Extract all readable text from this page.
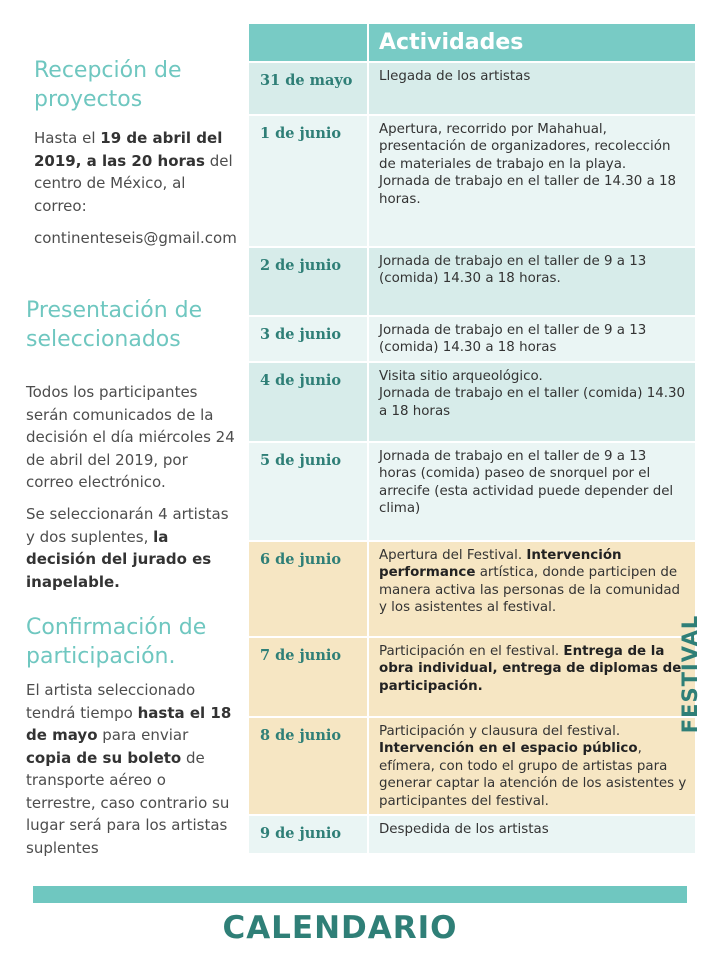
Recepción de proyectos
Hasta el 19 de abril del 2019, a las 20 horas del centro de México, al correo:
continenteseis@gmail.com
Presentación de seleccionados
Todos los participantes serán comunicados de la decisión el día miércoles 24 de abril del 2019, por correo electrónico.
Se seleccionarán 4 artistas y dos suplentes, la decisión del jurado es inapelable.
Confirmación de participación.
El artista seleccionado tendrá tiempo hasta el 18 de mayo para enviar copia de su boleto de transporte aéreo o terrestre, caso contrario su lugar será para los artistas suplentes
Actividades
31 de mayo	Llegada de los artistas
1 de junio	Apertura, recorrido por Mahahual, presentación de organizadores, recolección de materiales de trabajo en la playa.
Jornada de trabajo en el taller de 14.30 a 18 horas.
2 de junio	Jornada de trabajo en el taller de 9 a 13 (comida) 14.30 a 18 horas.
3 de junio	Jornada de trabajo en el taller de 9 a 13 (comida) 14.30 a 18 horas
4 de junio	Visita sitio arqueológico.
Jornada de trabajo en el taller (comida) 14.30 a 18 horas
5 de junio	Jornada de trabajo en el taller de 9 a 13 horas (comida) paseo de snorquel por el arrecife (esta actividad puede depender del clima)
6 de junio	Apertura del Festival. Intervención performance artística, donde participen de manera activa las personas de la comunidad y los asistentes al festival.
7 de junio	Participación en el festival. Entrega de la obra individual, entrega de diplomas de participación.
8 de junio	Participación y clausura del festival. Intervención en el espacio público, efímera, con todo el grupo de artistas para generar captar la atención de los asistentes y participantes del festival.
9 de junio	Despedida de los artistas
FESTIVAL
CALENDARIO
